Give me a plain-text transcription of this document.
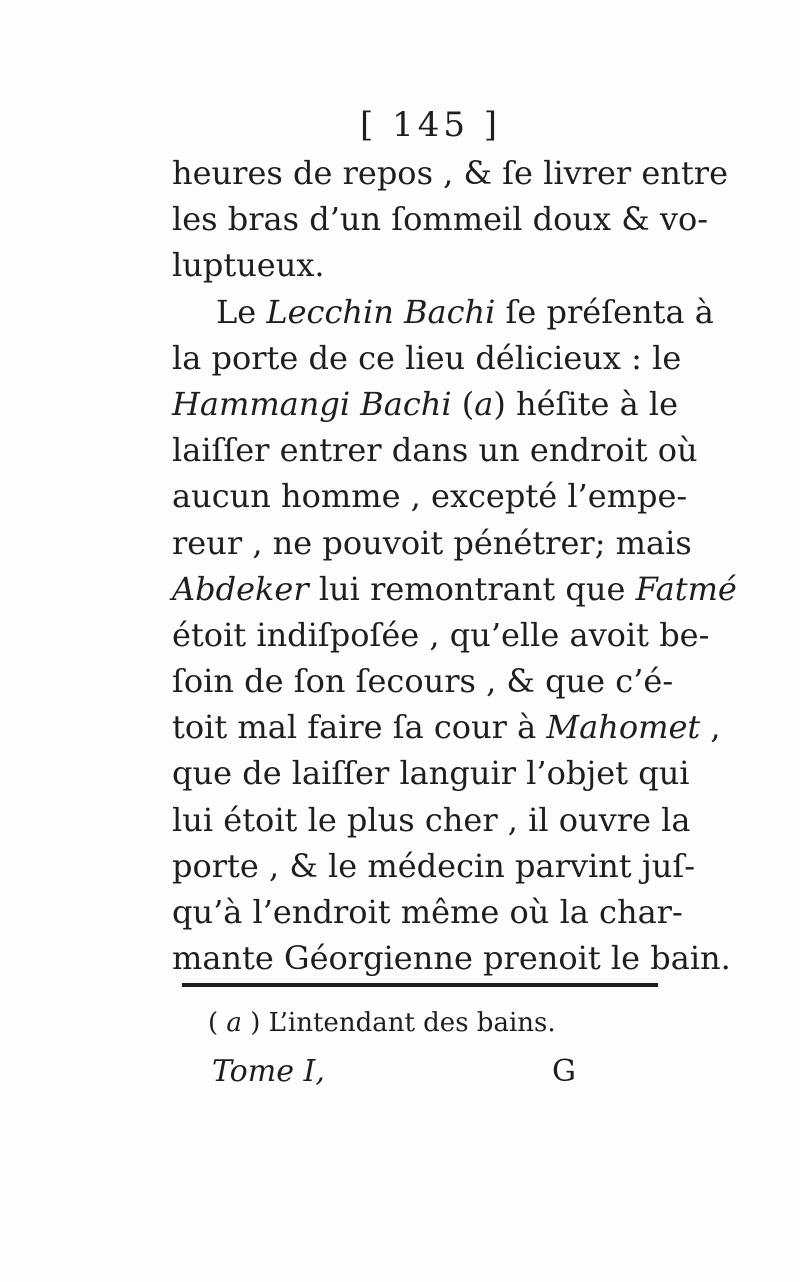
[ 145 ]
heures de repos , & ſe livrer entre
les bras d’un ſommeil doux & vo-
luptueux.
Le Lecchin Bachi ſe préſenta à
la porte de ce lieu délicieux : le
Hammangi Bachi (a) héſite à le
laiſſer entrer dans un endroit où
aucun homme , excepté l’empe-
reur , ne pouvoit pénétrer; mais
Abdeker lui remontrant que Fatmé
étoit indiſpoſée , qu’elle avoit be-
ſoin de ſon ſecours , & que c’é-
toit mal faire ſa cour à Mahomet ,
que de laiſſer languir l’objet qui
lui étoit le plus cher , il ouvre la
porte , & le médecin parvint juſ-
qu’à l’endroit même où la char-
mante Géorgienne prenoit le bain.
( a ) L’intendant des bains.
Tome I,	G
